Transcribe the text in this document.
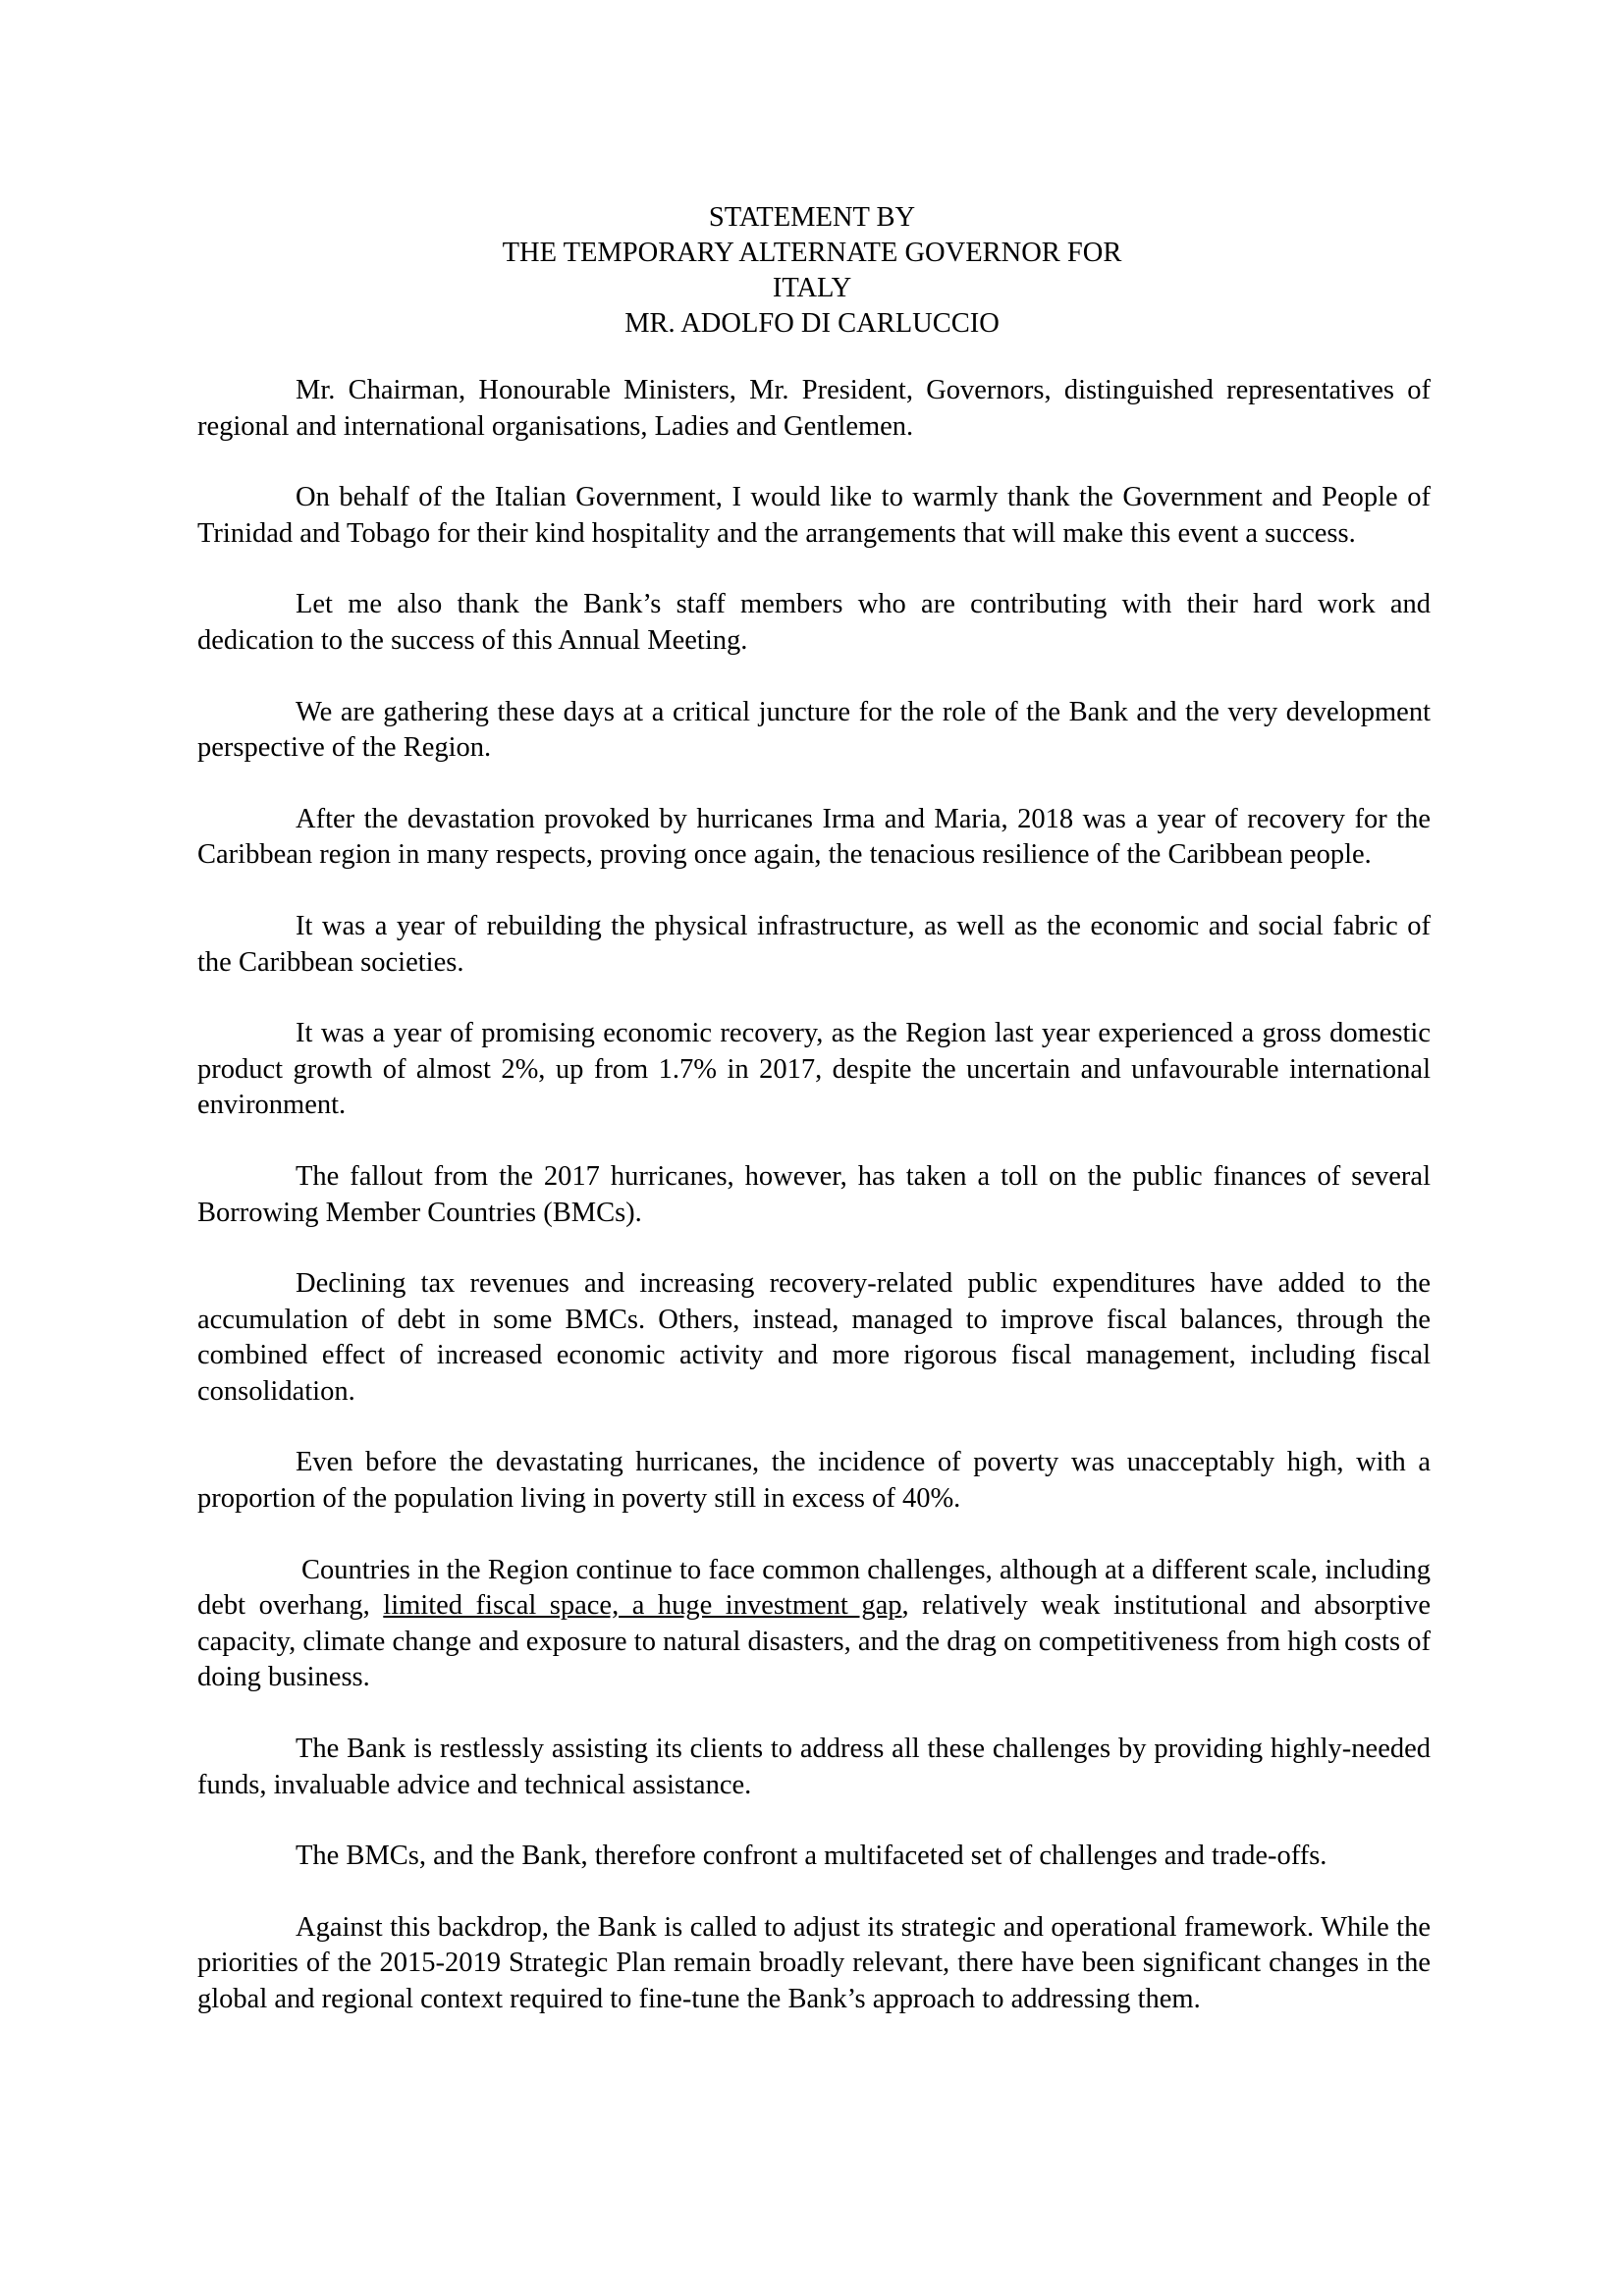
STATEMENT BY
THE TEMPORARY ALTERNATE GOVERNOR FOR
ITALY
MR. ADOLFO DI CARLUCCIO

Mr. Chairman, Honourable Ministers, Mr. President, Governors, distinguished representatives of regional and international organisations, Ladies and Gentlemen.

On behalf of the Italian Government, I would like to warmly thank the Government and People of Trinidad and Tobago for their kind hospitality and the arrangements that will make this event a success.

Let me also thank the Bank’s staff members who are contributing with their hard work and dedication to the success of this Annual Meeting.

We are gathering these days at a critical juncture for the role of the Bank and the very development perspective of the Region.

After the devastation provoked by hurricanes Irma and Maria, 2018 was a year of recovery for the Caribbean region in many respects, proving once again, the tenacious resilience of the Caribbean people.

It was a year of rebuilding the physical infrastructure, as well as the economic and social fabric of the Caribbean societies.

It was a year of promising economic recovery, as the Region last year experienced a gross domestic product growth of almost 2%, up from 1.7% in 2017, despite the uncertain and unfavourable international environment.

The fallout from the 2017 hurricanes, however, has taken a toll on the public finances of several Borrowing Member Countries (BMCs).

Declining tax revenues and increasing recovery-related public expenditures have added to the accumulation of debt in some BMCs. Others, instead, managed to improve fiscal balances, through the combined effect of increased economic activity and more rigorous fiscal management, including fiscal consolidation.

Even before the devastating hurricanes, the incidence of poverty was unacceptably high, with a proportion of the population living in poverty still in excess of 40%.

Countries in the Region continue to face common challenges, although at a different scale, including debt overhang, limited fiscal space, a huge investment gap, relatively weak institutional and absorptive capacity, climate change and exposure to natural disasters, and the drag on competitiveness from high costs of doing business.

The Bank is restlessly assisting its clients to address all these challenges by providing highly-needed funds, invaluable advice and technical assistance.

The BMCs, and the Bank, therefore confront a multifaceted set of challenges and trade-offs.

Against this backdrop, the Bank is called to adjust its strategic and operational framework. While the priorities of the 2015-2019 Strategic Plan remain broadly relevant, there have been significant changes in the global and regional context required to fine-tune the Bank’s approach to addressing them.
